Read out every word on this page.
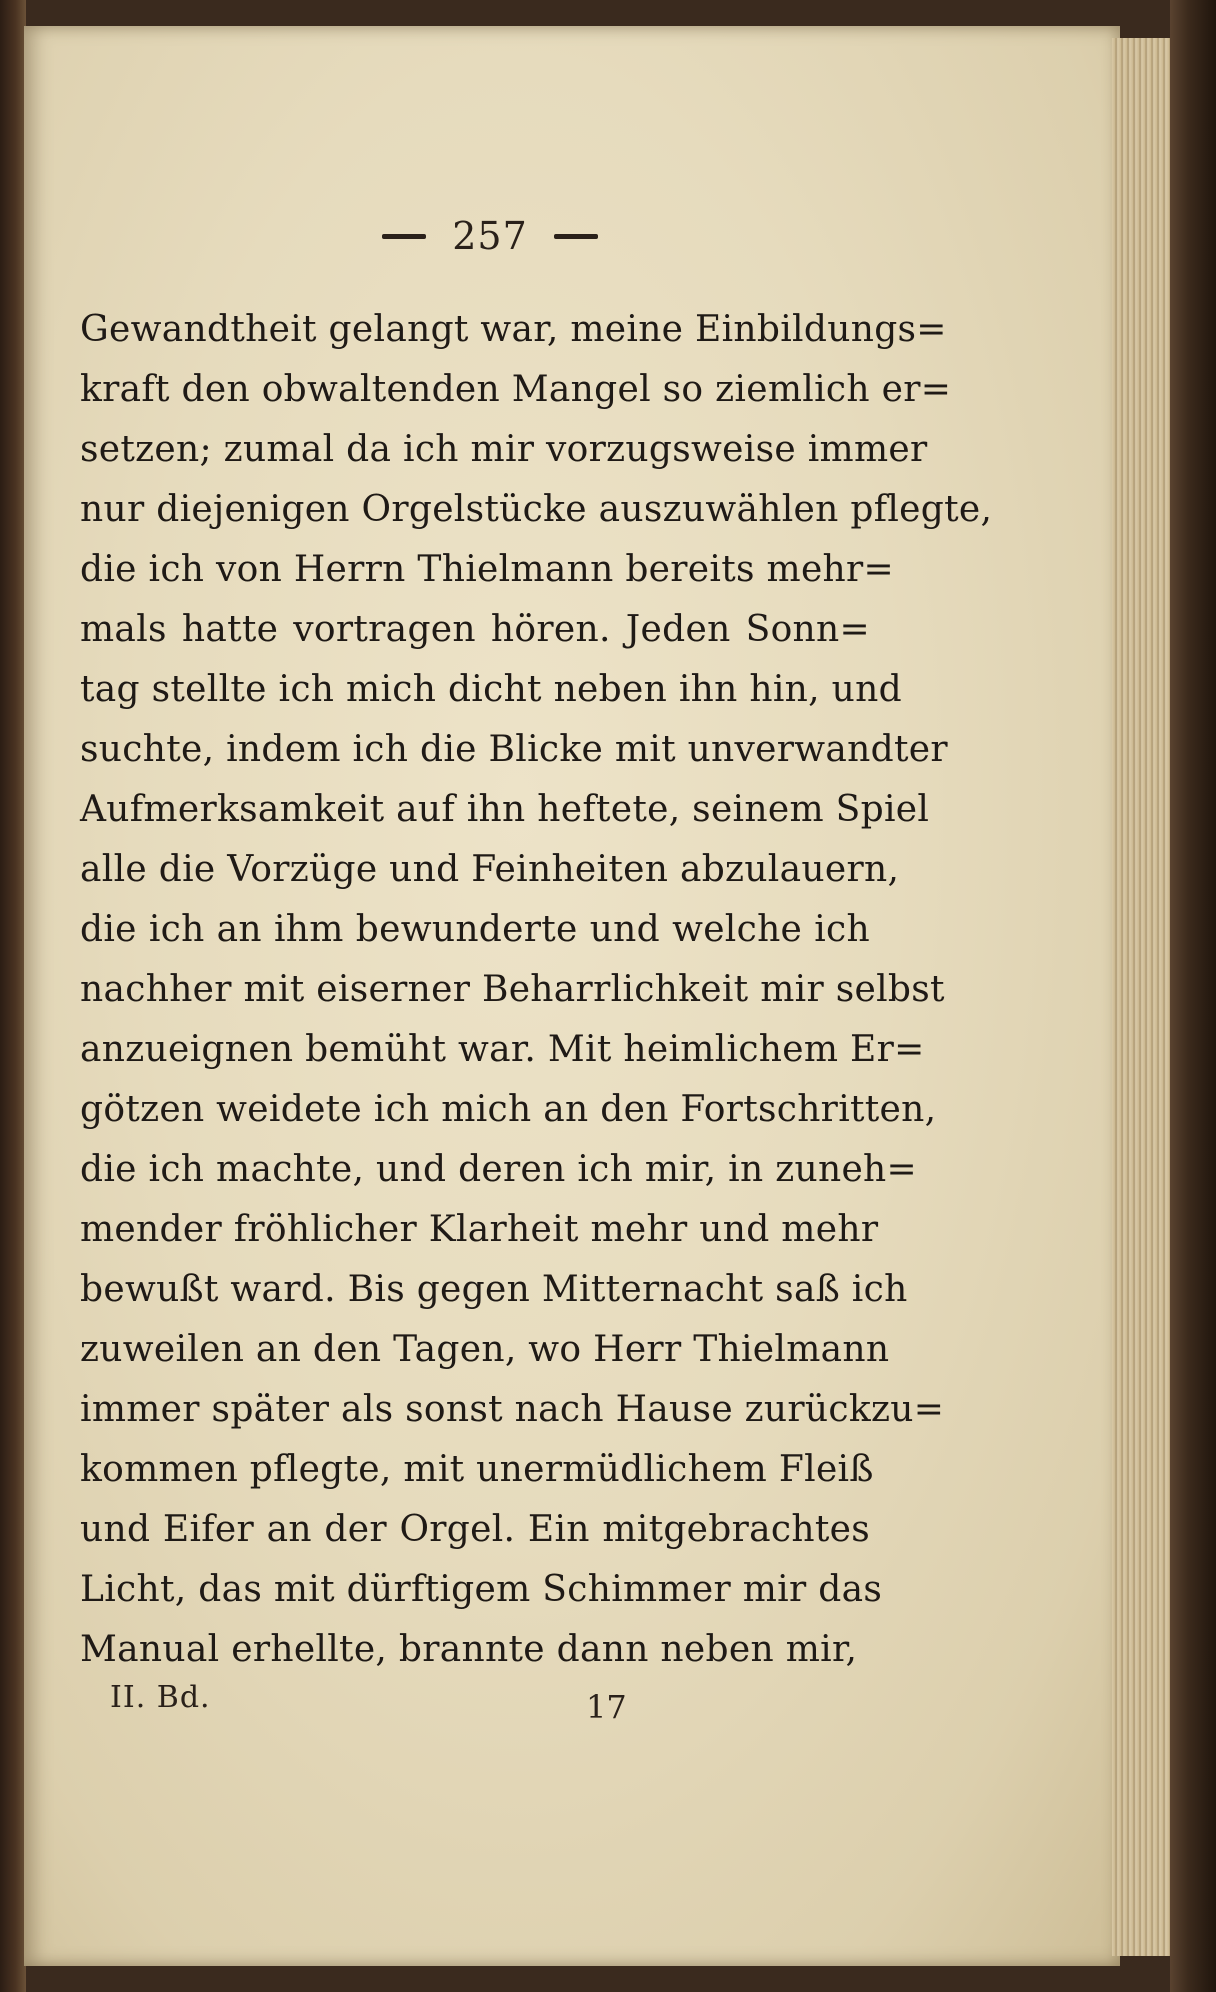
257
Gewandtheit gelangt war, meine Einbildungs=
kraft den obwaltenden Mangel so ziemlich er=
setzen; zumal da ich mir vorzugsweise immer
nur diejenigen Orgelstücke auszuwählen pflegte,
die ich von Herrn Thielmann bereits mehr=
mals hatte vortragen hören. Jeden Sonn=
tag stellte ich mich dicht neben ihn hin, und
suchte, indem ich die Blicke mit unverwandter
Aufmerksamkeit auf ihn heftete, seinem Spiel
alle die Vorzüge und Feinheiten abzulauern,
die ich an ihm bewunderte und welche ich
nachher mit eiserner Beharrlichkeit mir selbst
anzueignen bemüht war. Mit heimlichem Er=
götzen weidete ich mich an den Fortschritten,
die ich machte, und deren ich mir, in zuneh=
mender fröhlicher Klarheit mehr und mehr
bewußt ward. Bis gegen Mitternacht saß ich
zuweilen an den Tagen, wo Herr Thielmann
immer später als sonst nach Hause zurückzu=
kommen pflegte, mit unermüdlichem Fleiß
und Eifer an der Orgel. Ein mitgebrachtes
Licht, das mit dürftigem Schimmer mir das
Manual erhellte, brannte dann neben mir,
II. Bd.	17
